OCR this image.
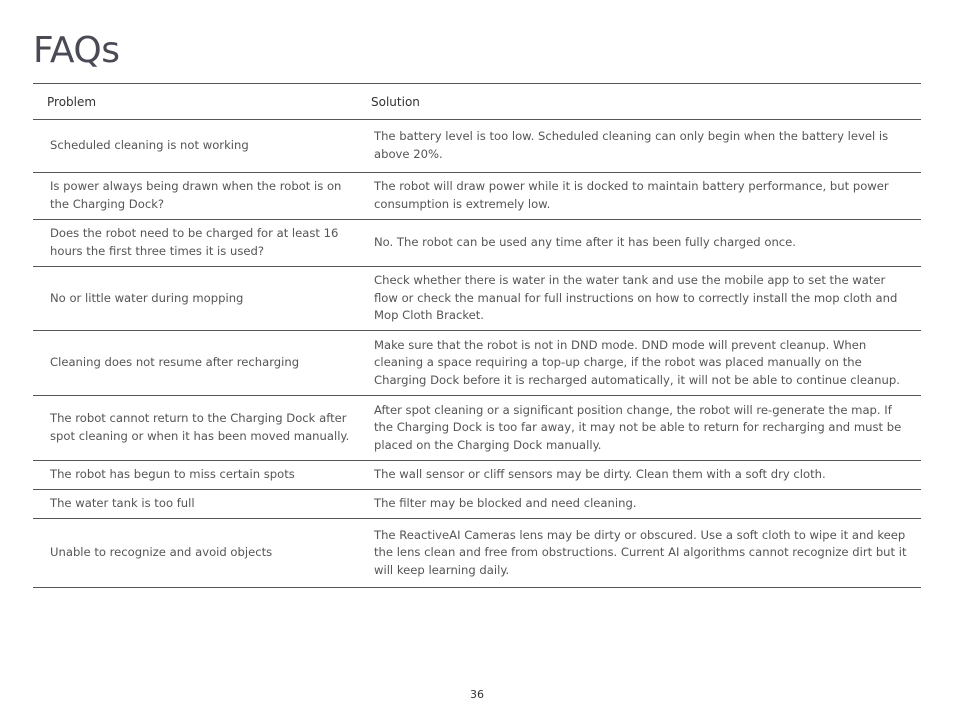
FAQs
Problem	Solution
Scheduled cleaning is not working	The battery level is too low. Scheduled cleaning can only begin when the battery level is above 20%.
Is power always being drawn when the robot is on the Charging Dock?	The robot will draw power while it is docked to maintain battery performance, but power consumption is extremely low.
Does the robot need to be charged for at least 16 hours the first three times it is used?	No. The robot can be used any time after it has been fully charged once.
No or little water during mopping	Check whether there is water in the water tank and use the mobile app to set the water flow or check the manual for full instructions on how to correctly install the mop cloth and Mop Cloth Bracket.
Cleaning does not resume after recharging	Make sure that the robot is not in DND mode. DND mode will prevent cleanup. When cleaning a space requiring a top-up charge, if the robot was placed manually on the Charging Dock before it is recharged automatically, it will not be able to continue cleanup.
The robot cannot return to the Charging Dock after spot cleaning or when it has been moved manually.	After spot cleaning or a significant position change, the robot will re-generate the map. If the Charging Dock is too far away, it may not be able to return for recharging and must be placed on the Charging Dock manually.
The robot has begun to miss certain spots	The wall sensor or cliff sensors may be dirty. Clean them with a soft dry cloth.
The water tank is too full	The filter may be blocked and need cleaning.
Unable to recognize and avoid objects	The ReactiveAI Cameras lens may be dirty or obscured. Use a soft cloth to wipe it and keep the lens clean and free from obstructions. Current AI algorithms cannot recognize dirt but it will keep learning daily.
36
